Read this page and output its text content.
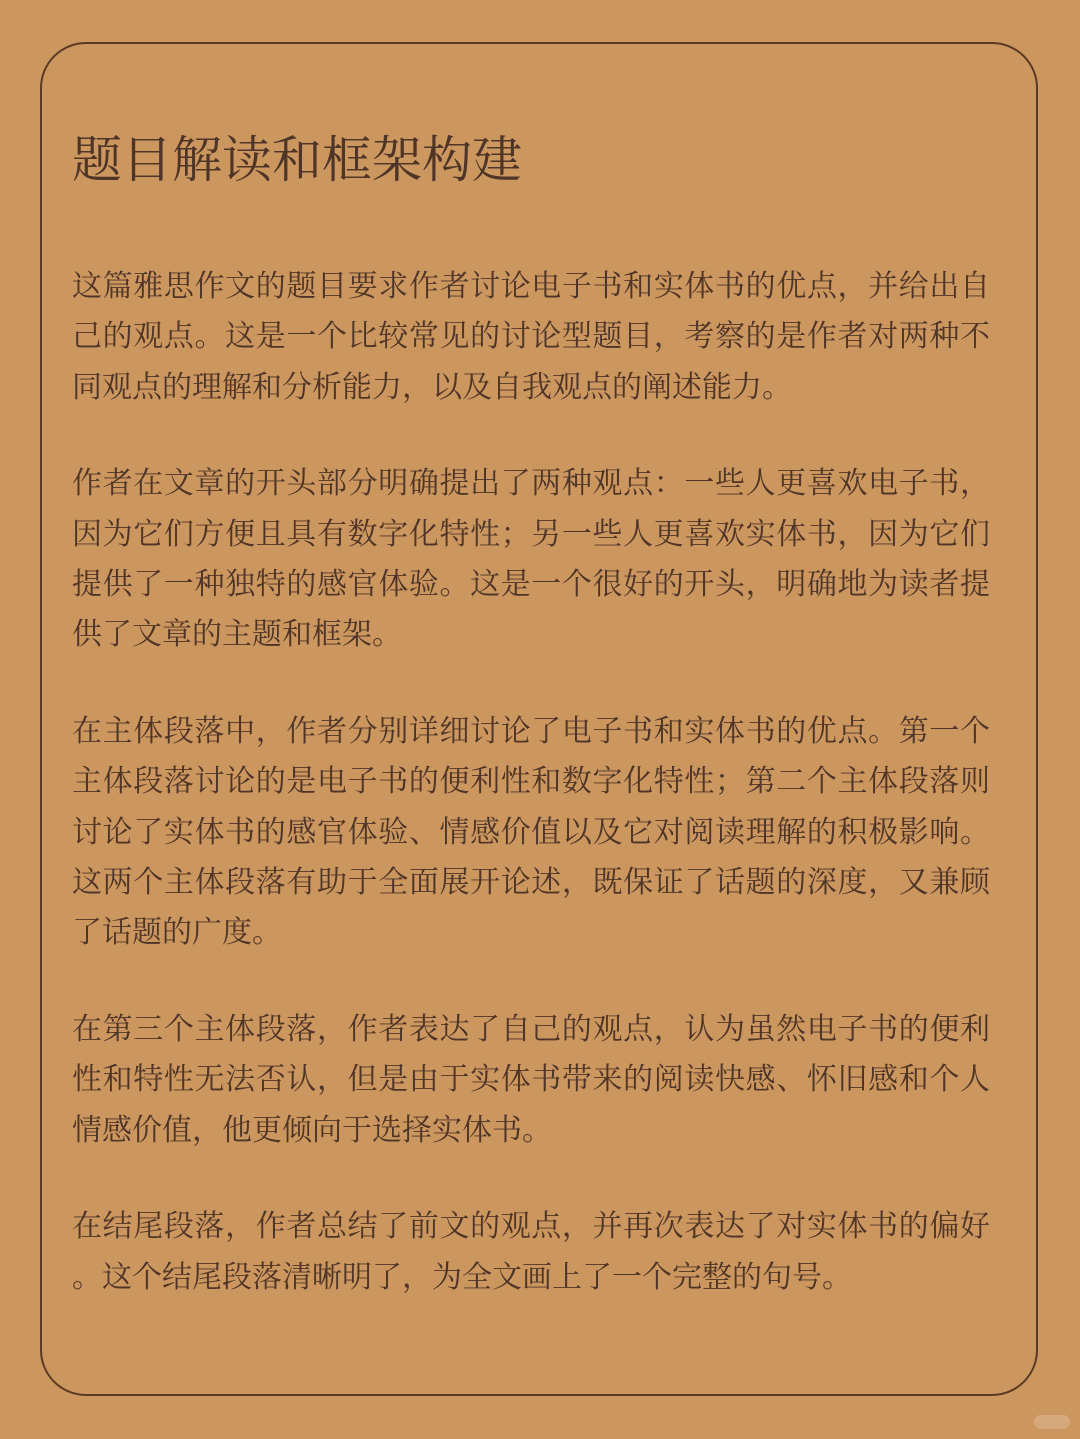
题目解读和框架构建

这篇雅思作文的题目要求作者讨论电子书和实体书的优点，并给出自己的观点。这是一个比较常见的讨论型题目，考察的是作者对两种不同观点的理解和分析能力，以及自我观点的阐述能力。

作者在文章的开头部分明确提出了两种观点：一些人更喜欢电子书，因为它们方便且具有数字化特性；另一些人更喜欢实体书，因为它们提供了一种独特的感官体验。这是一个很好的开头，明确地为读者提供了文章的主题和框架。

在主体段落中，作者分别详细讨论了电子书和实体书的优点。第一个主体段落讨论的是电子书的便利性和数字化特性；第二个主体段落则讨论了实体书的感官体验、情感价值以及它对阅读理解的积极影响。这两个主体段落有助于全面展开论述，既保证了话题的深度，又兼顾了话题的广度。

在第三个主体段落，作者表达了自己的观点，认为虽然电子书的便利性和特性无法否认，但是由于实体书带来的阅读快感、怀旧感和个人情感价值，他更倾向于选择实体书。

在结尾段落，作者总结了前文的观点，并再次表达了对实体书的偏好。这个结尾段落清晰明了，为全文画上了一个完整的句号。
